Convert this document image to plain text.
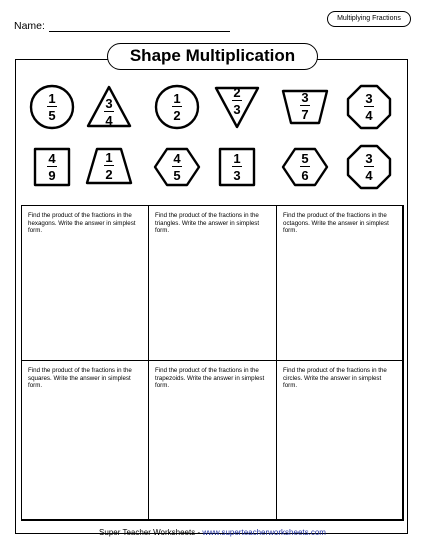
Name:
Multiplying Fractions
Shape Multiplication
1
5
3
4
1
2
2
3
3
7
3
4
4
9
1
2
4
5
1
3
5
6
3
4
Find the product of the fractions in the hexagons. Write the answer in simplest form.
Find the product of the fractions in the triangles. Write the answer in simplest form.
Find the product of the fractions in the octagons. Write the answer in simplest form.
Find the product of the fractions in the squares. Write the answer in simplest form.
Find the product of the fractions in the trapezoids. Write the answer in simplest form.
Find the product of the fractions in the circles. Write the answer in simplest form.
Super Teacher Worksheets - www.superteacherworksheets.com
